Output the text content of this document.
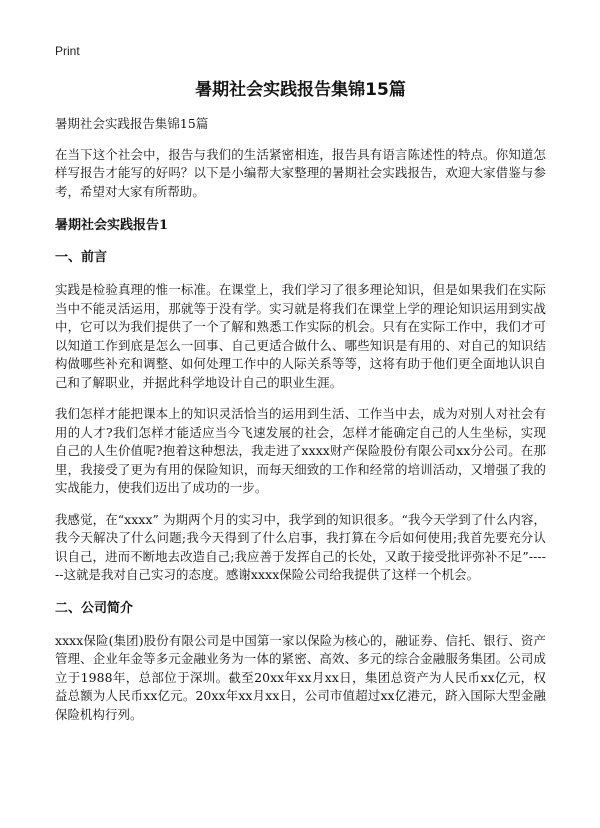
Print
暑期社会实践报告集锦15篇

暑期社会实践报告集锦15篇

在当下这个社会中，报告与我们的生活紧密相连，报告具有语言陈述性的特点。你知道怎样写报告才能写的好吗？以下是小编帮大家整理的暑期社会实践报告，欢迎大家借鉴与参考，希望对大家有所帮助。

暑期社会实践报告1

一、前言

实践是检验真理的惟一标准。在课堂上，我们学习了很多理论知识，但是如果我们在实际当中不能灵活运用，那就等于没有学。实习就是将我们在课堂上学的理论知识运用到实战中，它可以为我们提供了一个了解和熟悉工作实际的机会。只有在实际工作中，我们才可以知道工作到底是怎么一回事、自己更适合做什么、哪些知识是有用的、对自己的知识结构做哪些补充和调整、如何处理工作中的人际关系等等，这将有助于他们更全面地认识自己和了解职业，并据此科学地设计自己的职业生涯。

我们怎样才能把课本上的知识灵活恰当的运用到生活、工作当中去，成为对别人对社会有用的人才?我们怎样才能适应当今飞速发展的社会，怎样才能确定自己的人生坐标，实现自己的人生价值呢?抱着这种想法，我走进了xxxx财产保险股份有限公司xx分公司。在那里，我接受了更为有用的保险知识，而每天细致的工作和经常的培训活动，又增强了我的实战能力，使我们迈出了成功的一步。

我感觉，在“xxxx” 为期两个月的实习中，我学到的知识很多。“我今天学到了什么内容，我今天解决了什么问题;我今天得到了什么启事，我打算在今后如何使用;我首先要充分认识自己，进而不断地去改造自己;我应善于发挥自己的长处，又敢于接受批评弥补不足”------这就是我对自己实习的态度。感谢xxxx保险公司给我提供了这样一个机会。

二、公司简介

xxxx保险(集团)股份有限公司是中国第一家以保险为核心的，融证券、信托、银行、资产管理、企业年金等多元金融业务为一体的紧密、高效、多元的综合金融服务集团。公司成立于1988年，总部位于深圳。截至20xx年xx月xx日，集团总资产为人民币xx亿元，权益总额为人民币xx亿元。20xx年xx月xx日，公司市值超过xx亿港元，跻入国际大型金融保险机构行列。
